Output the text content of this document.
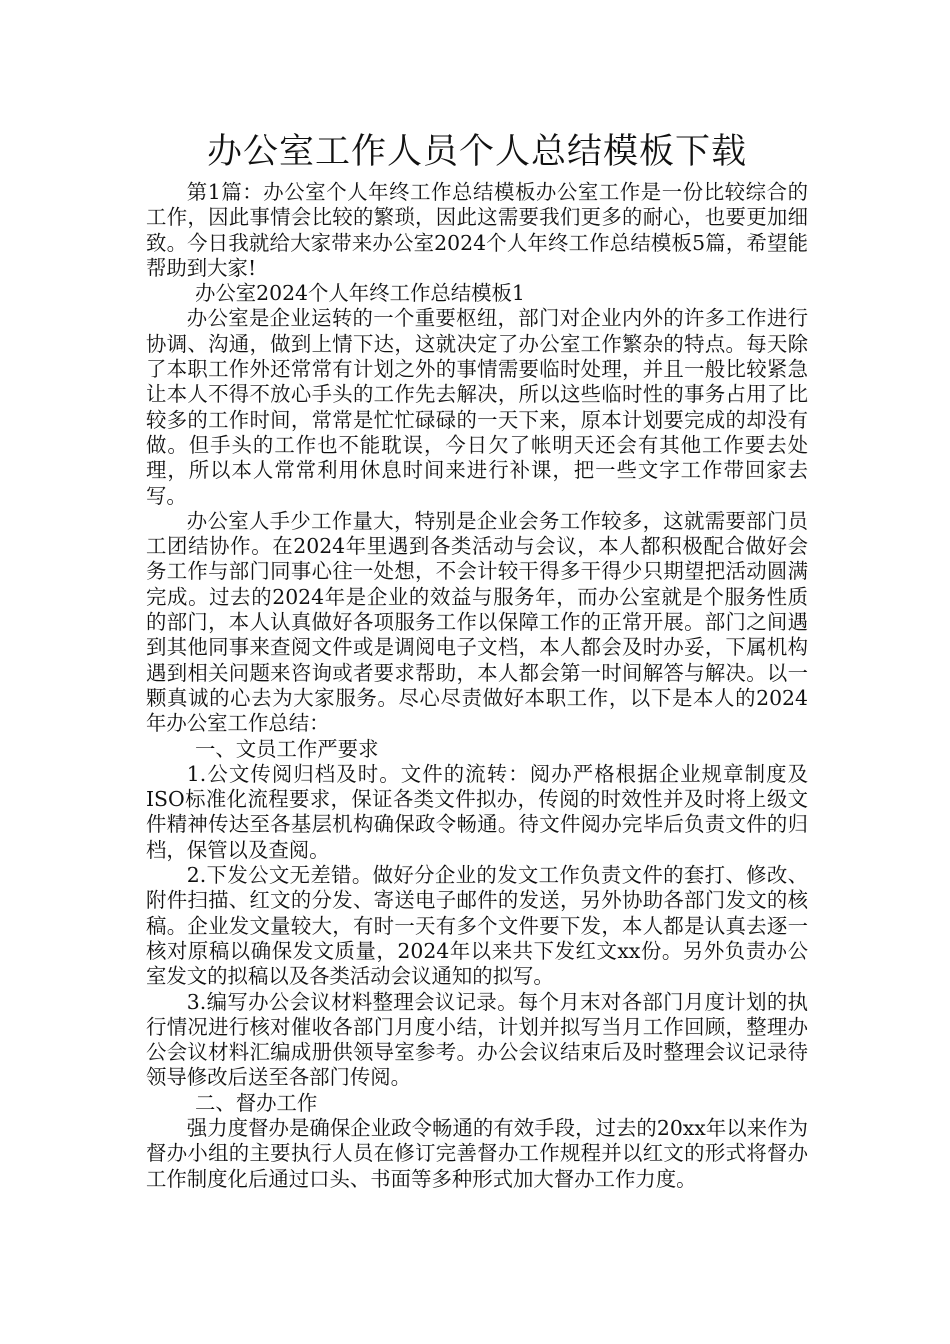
办公室工作人员个人总结模板下载

第1篇：办公室个人年终工作总结模板办公室工作是一份比较综合的工作，因此事情会比较的繁琐，因此这需要我们更多的耐心，也要更加细致。今日我就给大家带来办公室2024个人年终工作总结模板5篇，希望能帮助到大家!

办公室2024个人年终工作总结模板1

办公室是企业运转的一个重要枢纽，部门对企业内外的许多工作进行协调、沟通，做到上情下达，这就决定了办公室工作繁杂的特点。每天除了本职工作外还常常有计划之外的事情需要临时处理，并且一般比较紧急让本人不得不放心手头的工作先去解决，所以这些临时性的事务占用了比较多的工作时间，常常是忙忙碌碌的一天下来，原本计划要完成的却没有做。但手头的工作也不能耽误，今日欠了帐明天还会有其他工作要去处理，所以本人常常利用休息时间来进行补课，把一些文字工作带回家去写。

办公室人手少工作量大，特别是企业会务工作较多，这就需要部门员工团结协作。在2024年里遇到各类活动与会议，本人都积极配合做好会务工作与部门同事心往一处想，不会计较干得多干得少只期望把活动圆满完成。过去的2024年是企业的效益与服务年，而办公室就是个服务性质的部门，本人认真做好各项服务工作以保障工作的正常开展。部门之间遇到其他同事来查阅文件或是调阅电子文档，本人都会及时办妥，下属机构遇到相关问题来咨询或者要求帮助，本人都会第一时间解答与解决。以一颗真诚的心去为大家服务。尽心尽责做好本职工作，以下是本人的2024年办公室工作总结：

一、文员工作严要求

1.公文传阅归档及时。文件的流转：阅办严格根据企业规章制度及ISO标准化流程要求，保证各类文件拟办，传阅的时效性并及时将上级文件精神传达至各基层机构确保政令畅通。待文件阅办完毕后负责文件的归档，保管以及查阅。

2.下发公文无差错。做好分企业的发文工作负责文件的套打、修改、附件扫描、红文的分发、寄送电子邮件的发送，另外协助各部门发文的核稿。企业发文量较大，有时一天有多个文件要下发，本人都是认真去逐一核对原稿以确保发文质量，2024年以来共下发红文xx份。另外负责办公室发文的拟稿以及各类活动会议通知的拟写。

3.编写办公会议材料整理会议记录。每个月末对各部门月度计划的执行情况进行核对催收各部门月度小结，计划并拟写当月工作回顾，整理办公会议材料汇编成册供领导室参考。办公会议结束后及时整理会议记录待领导修改后送至各部门传阅。

二、督办工作

强力度督办是确保企业政令畅通的有效手段，过去的20xx年以来作为督办小组的主要执行人员在修订完善督办工作规程并以红文的形式将督办工作制度化后通过口头、书面等多种形式加大督办工作力度。
